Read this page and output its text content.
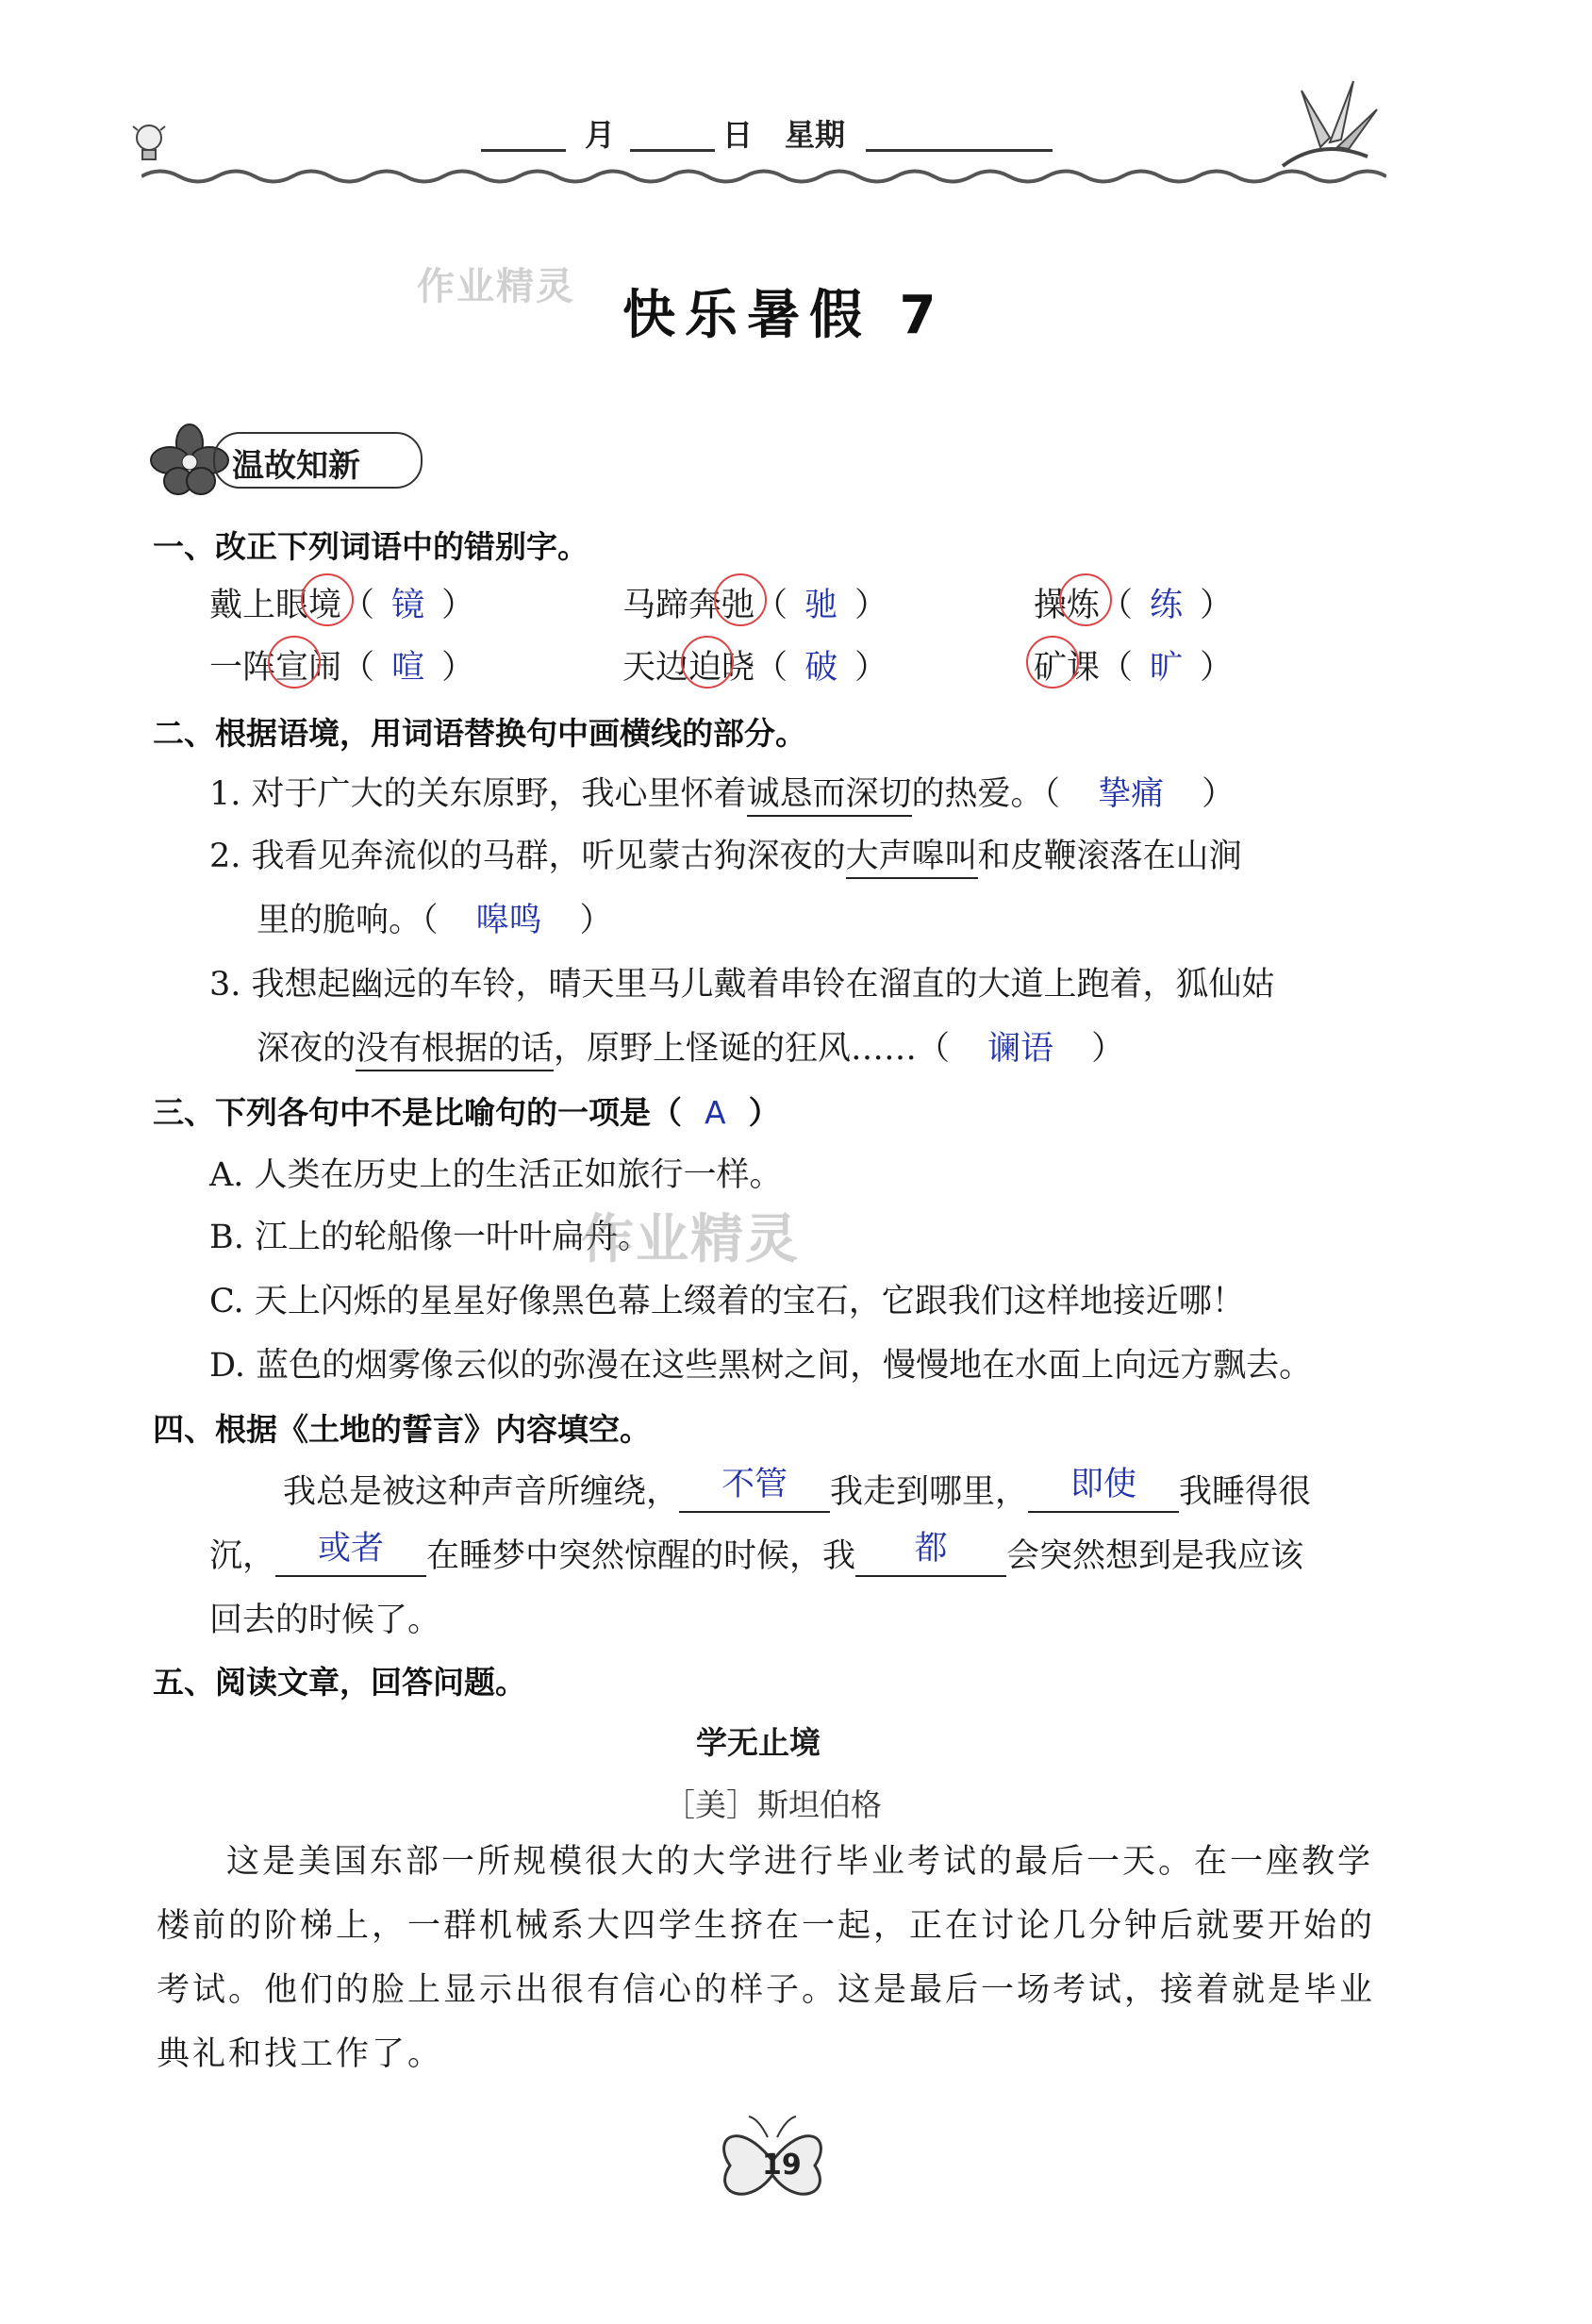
月	日 星期
作业精灵 快乐暑假 7
温故知新
一、改正下列词语中的错别字。
戴上眼境（ 镜 ）	马蹄奔弛（ 驰 ）	操炼（ 练 ）
一阵宣闹（ 喧 ）	天边迫晓（ 破 ）	矿课（ 旷 ）
二、根据语境，用词语替换句中画横线的部分。
1. 对于广大的关东原野，我心里怀着诚恳而深切的热爱。（ 挚痛 ）
2. 我看见奔流似的马群，听见蒙古狗深夜的大声嗥叫和皮鞭滚落在山涧
里的脆响。（ 嗥鸣 ）
3. 我想起幽远的车铃，晴天里马儿戴着串铃在溜直的大道上跑着，狐仙姑
深夜的没有根据的话，原野上怪诞的狂风……（ 谰语 ）
三、下列各句中不是比喻句的一项是（ A ）
A. 人类在历史上的生活正如旅行一样。
B. 江上的轮船像一叶叶扁舟。
作业精灵
C. 天上闪烁的星星好像黑色幕上缀着的宝石，它跟我们这样地接近哪！
D. 蓝色的烟雾像云似的弥漫在这些黑树之间，慢慢地在水面上向远方飘去。
四、根据《土地的誓言》内容填空。
我总是被这种声音所缠绕，	不管	我走到哪里，	即使	我睡得很
沉，	或者	在睡梦中突然惊醒的时候，我	都	会突然想到是我应该
回去的时候了。
五、阅读文章，回答问题。
学无止境
［美］斯坦伯格
这是美国东部一所规模很大的大学进行毕业考试的最后一天。在一座教学楼前的阶梯上，一群机械系大四学生挤在一起，正在讨论几分钟后就要开始的考试。他们的脸上显示出很有信心的样子。这是最后一场考试，接着就是毕业典礼和找工作了。
19
